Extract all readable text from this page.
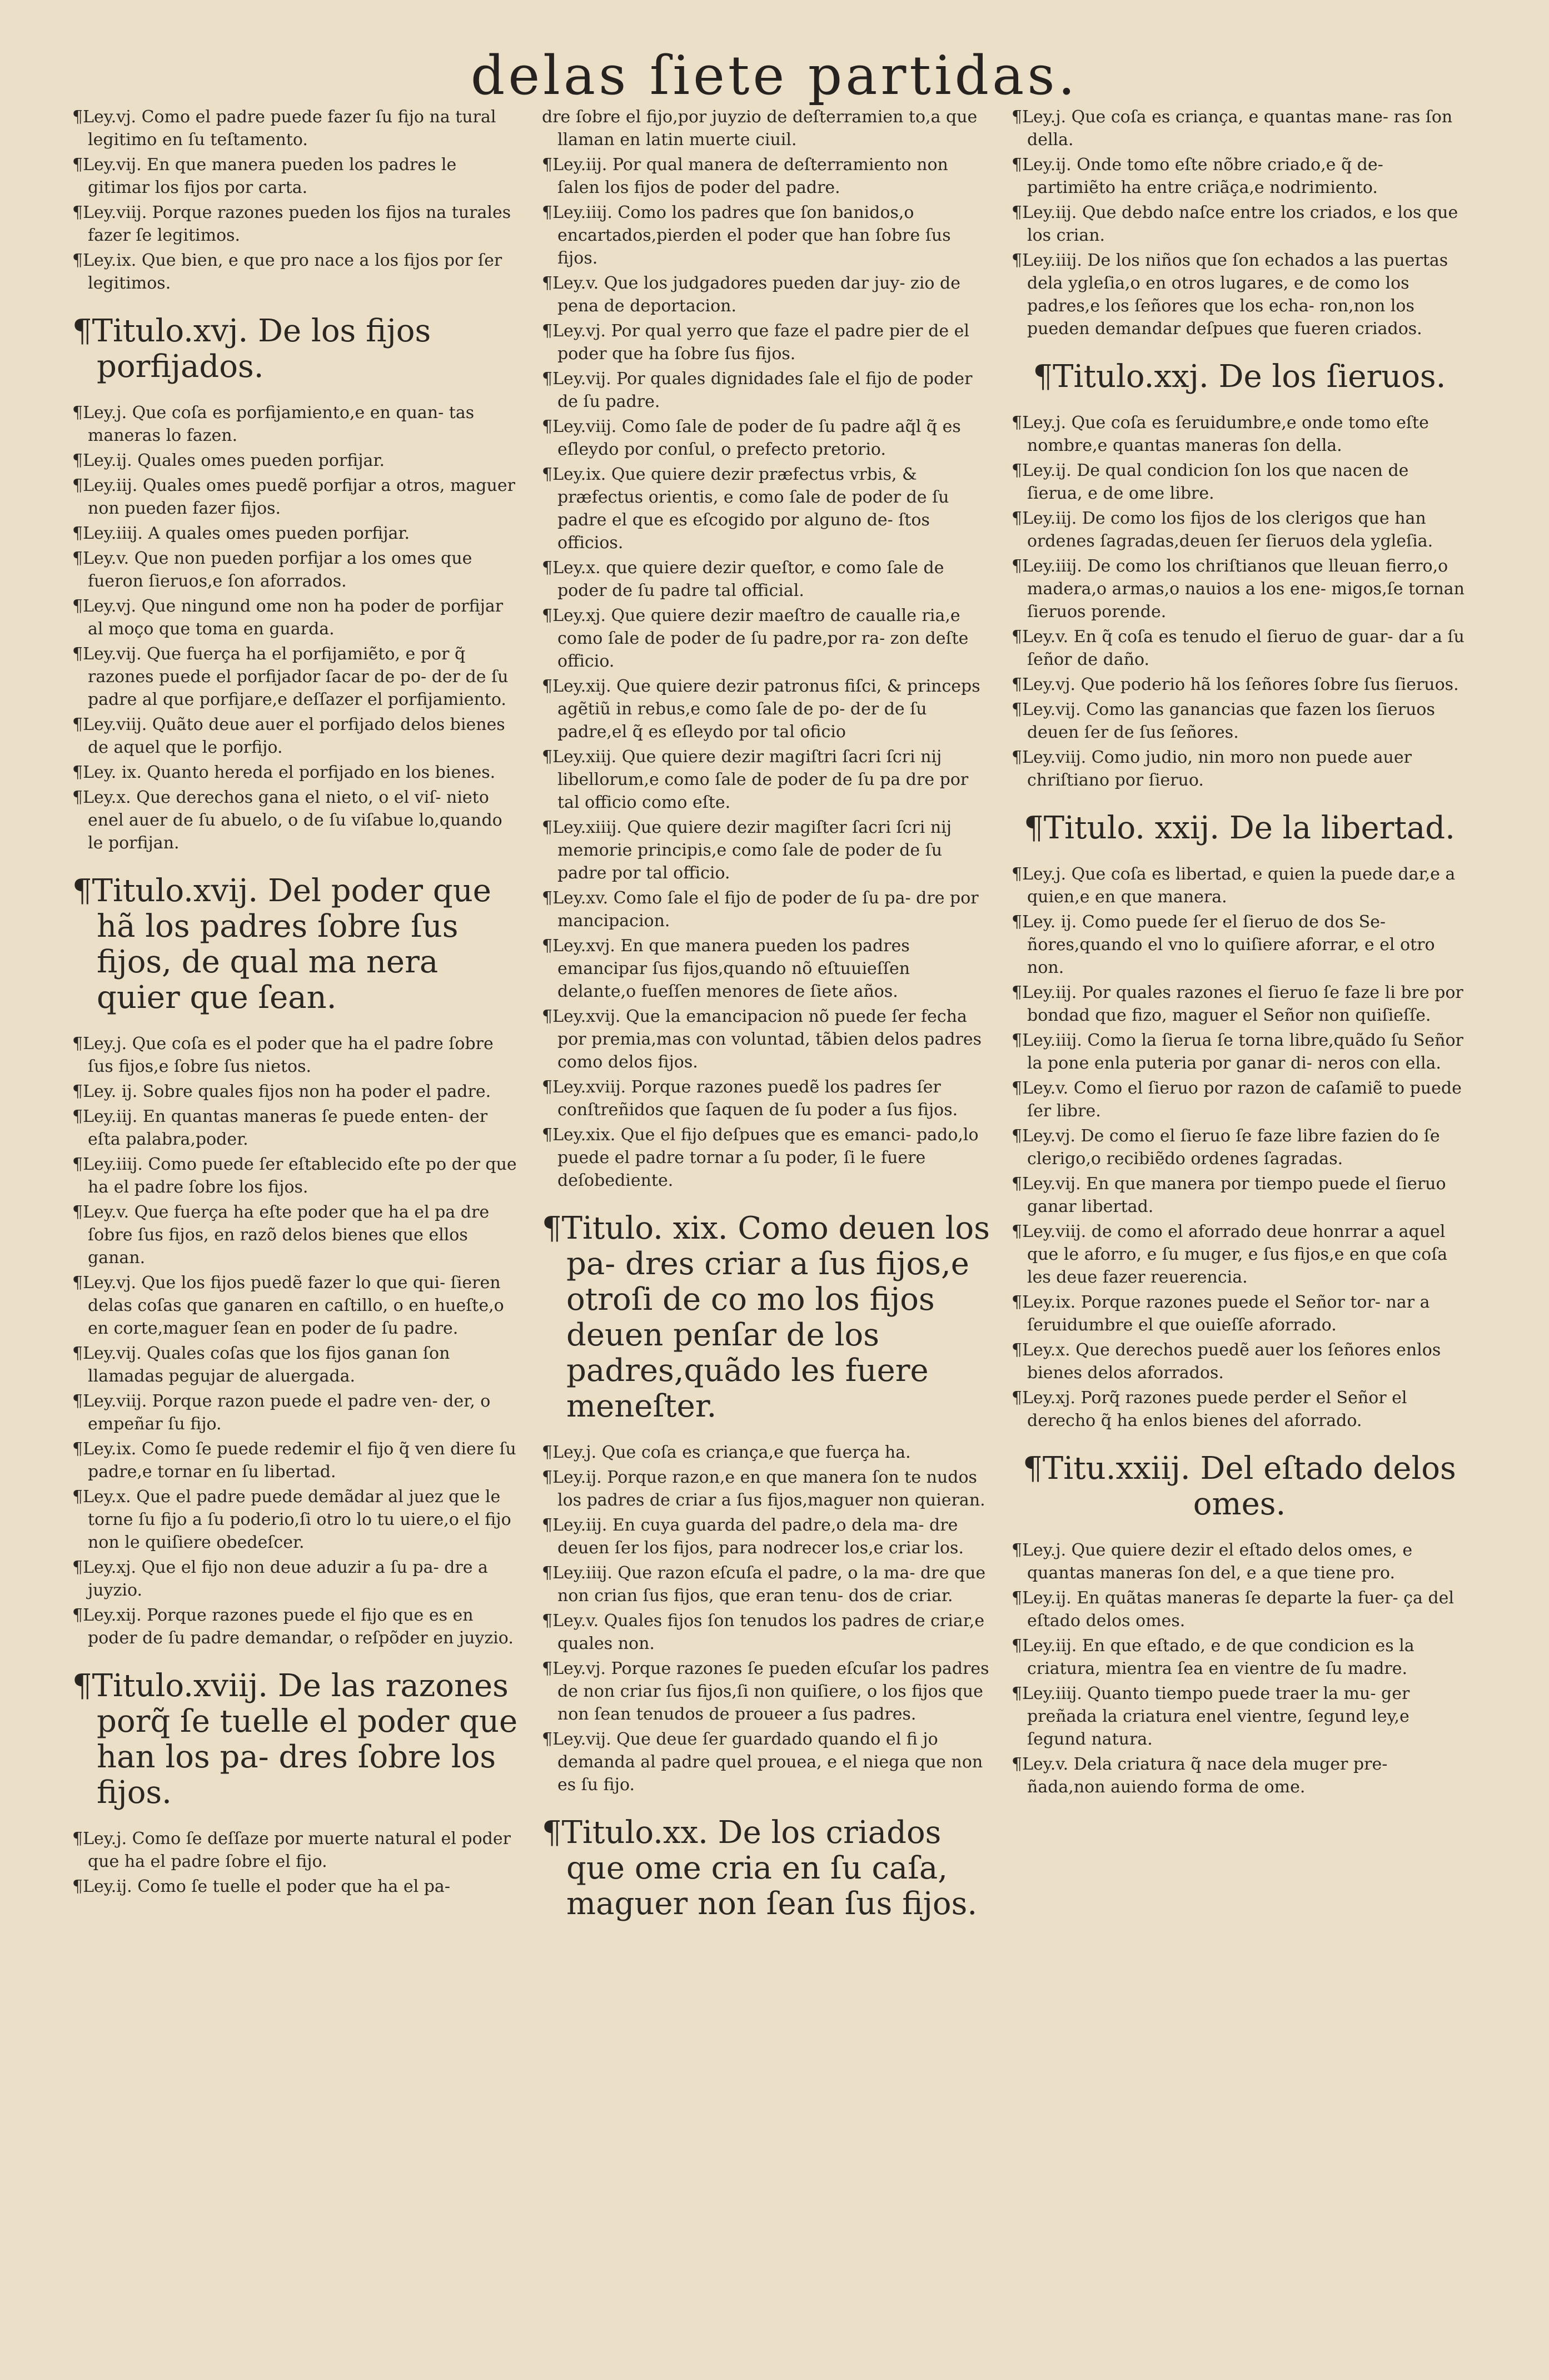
delas ſiete partidas.

¶Ley.vj. Como el padre puede fazer ſu fijo na tural legitimo en ſu teſtamento.

¶Ley.vij. En que manera pueden los padres le gitimar los fijos por carta.

¶Ley.viij. Porque razones pueden los fijos na turales fazer ſe legitimos.

¶Ley.ix. Que bien, e que pro nace a los fijos por ſer legitimos.

¶Titulo.xvj. De los fijos porfijados.

¶Ley.j. Que coſa es porfijamiento,e en quan- tas maneras lo fazen.

¶Ley.ij. Quales omes pueden porfijar.

¶Ley.iij. Quales omes puedẽ porfijar a otros, maguer non pueden fazer fijos.

¶Ley.iiij. A quales omes pueden porfijar.

¶Ley.v. Que non pueden porfijar a los omes que fueron ſieruos,e ſon aforrados.

¶Ley.vj. Que ningund ome non ha poder de porfijar al moço que toma en guarda.

¶Ley.vij. Que fuerça ha el porfijamiẽto, e por q̃ razones puede el porfijador ſacar de po- der de ſu padre al que porfijare,e deſſazer el porfijamiento.

¶Ley.viij. Quãto deue auer el porfijado delos bienes de aquel que le porfijo.

¶Ley. ix. Quanto hereda el porfijado en los bienes.

¶Ley.x. Que derechos gana el nieto, o el viſ- nieto enel auer de ſu abuelo, o de ſu viſabue lo,quando le porfijan.

¶Titulo.xvij. Del poder que hã los padres ſobre ſus fijos, de qual ma nera quier que ſean.

¶Ley.j. Que coſa es el poder que ha el padre ſobre ſus fijos,e ſobre ſus nietos.

¶Ley. ij. Sobre quales fijos non ha poder el padre.

¶Ley.iij. En quantas maneras ſe puede enten- der eſta palabra,poder.

¶Ley.iiij. Como puede ſer eſtablecido eſte po der que ha el padre ſobre los fijos.

¶Ley.v. Que fuerça ha eſte poder que ha el pa dre ſobre ſus fijos, en razõ delos bienes que ellos ganan.

¶Ley.vj. Que los fijos puedẽ fazer lo que qui- ſieren delas coſas que ganaren en caſtillo, o en hueſte,o en corte,maguer ſean en poder de ſu padre.

¶Ley.vij. Quales coſas que los fijos ganan ſon llamadas pegujar de aluergada.

¶Ley.viij. Porque razon puede el padre ven- der, o empeñar ſu fijo.

¶Ley.ix. Como ſe puede redemir el fijo q̃ ven diere ſu padre,e tornar en ſu libertad.

¶Ley.x. Que el padre puede demãdar al juez que le torne ſu fijo a ſu poderio,ſi otro lo tu uiere,o el fijo non le quiſiere obedeſcer.

¶Ley.xj. Que el fijo non deue aduzir a ſu pa- dre a juyzio.

¶Ley.xij. Porque razones puede el fijo que es en poder de ſu padre demandar, o reſpõder en juyzio.

¶Titulo.xviij. De las razones porq̃ ſe tuelle el poder que han los pa- dres ſobre los fijos.

¶Ley.j. Como ſe deſſaze por muerte natural el poder que ha el padre ſobre el fijo.

¶Ley.ij. Como ſe tuelle el poder que ha el pa-

dre ſobre el fijo,por juyzio de deſterramien to,a que llaman en latin muerte ciuil.

¶Ley.iij. Por qual manera de deſterramiento non ſalen los fijos de poder del padre.

¶Ley.iiij. Como los padres que ſon banidos,o encartados,pierden el poder que han ſobre ſus fijos.

¶Ley.v. Que los judgadores pueden dar juy- zio de pena de deportacion.

¶Ley.vj. Por qual yerro que faze el padre pier de el poder que ha ſobre ſus fijos.

¶Ley.vij. Por quales dignidades ſale el fijo de poder de ſu padre.

¶Ley.viij. Como ſale de poder de ſu padre aq̃l q̃ es eſleydo por conſul, o prefecto pretorio.

¶Ley.ix. Que quiere dezir præfectus vrbis, & præfectus orientis, e como ſale de poder de ſu padre el que es eſcogido por alguno de- ſtos officios.

¶Ley.x. que quiere dezir queſtor, e como ſale de poder de ſu padre tal official.

¶Ley.xj. Que quiere dezir maeſtro de caualle ria,e como ſale de poder de ſu padre,por ra- zon deſte officio.

¶Ley.xij. Que quiere dezir patronus fiſci, & princeps agẽtiũ in rebus,e como ſale de po- der de ſu padre,el q̃ es eſleydo por tal oficio

¶Ley.xiij. Que quiere dezir magiſtri ſacri ſcri nij libellorum,e como ſale de poder de ſu pa dre por tal officio como eſte.

¶Ley.xiiij. Que quiere dezir magiſter ſacri ſcri nij memorie principis,e como ſale de poder de ſu padre por tal officio.

¶Ley.xv. Como ſale el fijo de poder de ſu pa- dre por mancipacion.

¶Ley.xvj. En que manera pueden los padres emancipar ſus fijos,quando nõ eſtuuieſſen delante,o fueſſen menores de ſiete años.

¶Ley.xvij. Que la emancipacion nõ puede ſer fecha por premia,mas con voluntad, tãbien delos padres como delos fijos.

¶Ley.xviij. Porque razones puedẽ los padres ſer conſtreñidos que ſaquen de ſu poder a ſus fijos.

¶Ley.xix. Que el fijo deſpues que es emanci- pado,lo puede el padre tornar a ſu poder, ſi le fuere deſobediente.

¶Titulo. xix. Como deuen los pa- dres criar a ſus fijos,e otroſi de co mo los fijos deuen penſar de los padres,quãdo les fuere meneſter.

¶Ley.j. Que coſa es criança,e que fuerça ha.

¶Ley.ij. Porque razon,e en que manera ſon te nudos los padres de criar a ſus fijos,maguer non quieran.

¶Ley.iij. En cuya guarda del padre,o dela ma- dre deuen ſer los fijos, para nodrecer los,e criar los.

¶Ley.iiij. Que razon eſcuſa el padre, o la ma- dre que non crian ſus fijos, que eran tenu- dos de criar.

¶Ley.v. Quales fijos ſon tenudos los padres de criar,e quales non.

¶Ley.vj. Porque razones ſe pueden eſcuſar los padres de non criar ſus fijos,ſi non quiſiere, o los fijos que non ſean tenudos de proueer a ſus padres.

¶Ley.vij. Que deue ſer guardado quando el fi jo demanda al padre quel prouea, e el niega que non es ſu fijo.

¶Titulo.xx. De los criados que ome cria en ſu caſa, maguer non ſean ſus fijos.

¶Ley.j. Que coſa es criança, e quantas mane- ras ſon della.

¶Ley.ij. Onde tomo eſte nõbre criado,e q̃ de- partimiẽto ha entre criãça,e nodrimiento.

¶Ley.iij. Que debdo naſce entre los criados, e los que los crian.

¶Ley.iiij. De los niños que ſon echados a las puertas dela ygleſia,o en otros lugares, e de como los padres,e los ſeñores que los echa- ron,non los pueden demandar deſpues que fueren criados.

¶Titulo.xxj. De los ſieruos.

¶Ley.j. Que coſa es ſeruidumbre,e onde tomo eſte nombre,e quantas maneras ſon della.

¶Ley.ij. De qual condicion ſon los que nacen de ſierua, e de ome libre.

¶Ley.iij. De como los fijos de los clerigos que han ordenes ſagradas,deuen ſer ſieruos dela ygleſia.

¶Ley.iiij. De como los chriſtianos que lleuan fierro,o madera,o armas,o nauios a los ene- migos,ſe tornan ſieruos porende.

¶Ley.v. En q̃ coſa es tenudo el ſieruo de guar- dar a ſu ſeñor de daño.

¶Ley.vj. Que poderio hã los ſeñores ſobre ſus ſieruos.

¶Ley.vij. Como las ganancias que fazen los ſieruos deuen ſer de ſus ſeñores.

¶Ley.viij. Como judio, nin moro non puede auer chriſtiano por ſieruo.

¶Titulo. xxij. De la libertad.

¶Ley.j. Que coſa es libertad, e quien la puede dar,e a quien,e en que manera.

¶Ley. ij. Como puede ſer el ſieruo de dos Se- ñores,quando el vno lo quiſiere aforrar, e el otro non.

¶Ley.iij. Por quales razones el ſieruo ſe faze li bre por bondad que fizo, maguer el Señor non quiſieſſe.

¶Ley.iiij. Como la ſierua ſe torna libre,quãdo ſu Señor la pone enla puteria por ganar di- neros con ella.

¶Ley.v. Como el ſieruo por razon de caſamiẽ to puede ſer libre.

¶Ley.vj. De como el ſieruo ſe faze libre fazien do ſe clerigo,o recibiẽdo ordenes ſagradas.

¶Ley.vij. En que manera por tiempo puede el ſieruo ganar libertad.

¶Ley.viij. de como el aforrado deue honrrar a aquel que le aforro, e ſu muger, e ſus fijos,e en que coſa les deue fazer reuerencia.

¶Ley.ix. Porque razones puede el Señor tor- nar a ſeruidumbre el que ouieſſe aforrado.

¶Ley.x. Que derechos puedẽ auer los ſeñores enlos bienes delos aforrados.

¶Ley.xj. Porq̃ razones puede perder el Señor el derecho q̃ ha enlos bienes del aforrado.

¶Titu.xxiij. Del eſtado delos omes.

¶Ley.j. Que quiere dezir el eſtado delos omes, e quantas maneras ſon del, e a que tiene pro.

¶Ley.ij. En quãtas maneras ſe departe la fuer- ça del eſtado delos omes.

¶Ley.iij. En que eſtado, e de que condicion es la criatura, mientra ſea en vientre de ſu madre.

¶Ley.iiij. Quanto tiempo puede traer la mu- ger preñada la criatura enel vientre, ſegund ley,e ſegund natura.

¶Ley.v. Dela criatura q̃ nace dela muger pre- ñada,non auiendo forma de ome.
